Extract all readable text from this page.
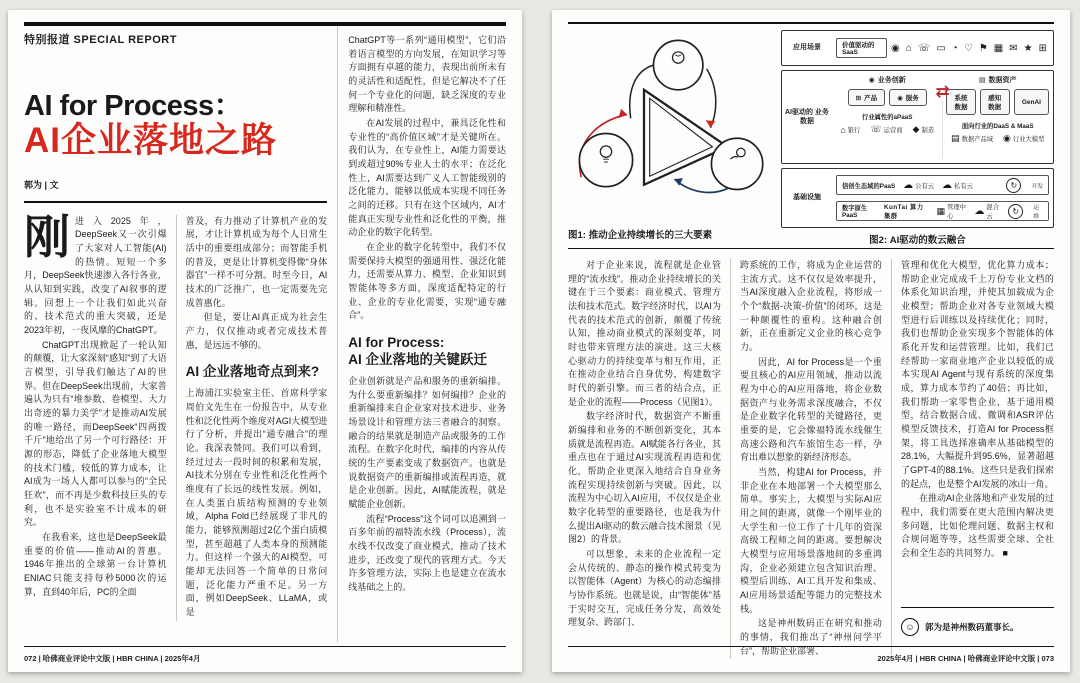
特别报道 SPECIAL REPORT
AI for Process：
AI企业落地之路
郭为 | 文

刚进入2025年，DeepSeek又一次引爆了大家对人工智能(AI)的热情。短短一个多月，DeepSeek快速渗入各行各业，从认知到实践，改变了AI叙事的逻辑。回想上一个让我们如此兴奋的、技术范式的重大突破，还是2023年初，一夜风靡的ChatGPT。

ChatGPT出现掀起了一轮认知的颠覆，让大家深刻“感知”到了大语言模型，引导我们触达了AI的世界。但在DeepSeek出现前，大家普遍认为只有“堆参数、卷模型、大力出奇迹的暴力美学”才是推动AI发展的唯一路径，而DeepSeek“四两拨千斤”地给出了另一个可行路径：开源的形态，降低了企业落地大模型的技术门槛，较低的算力成本，让AI成为一场人人都可以参与的“全民狂欢”，而不再是少数科技巨头的专利，也不是实验室不计成本的研究。

在我看来，这也是DeepSeek最重要的价值——推动AI的普惠。1946年推出的全球第一台计算机ENIAC只能支持每秒5000次的运算，直到40年后，PC的全面

普及，有力推动了计算机产业的发展，才让计算机成为每个人日常生活中的重要组成部分；而智能手机的普及，更是让计算机变得像“身体器官”一样不可分割。时至今日，AI技术的广泛推广，也一定需要先完成普惠化。

但是，要让AI真正成为社会生产力，仅仅推动或者完成技术普惠，是远远不够的。

AI 企业落地奇点到来?

上海浦江实验室主任、首席科学家周伯文先生在一份报告中，从专业性和泛化性两个维度对AGI大模型进行了分析，并提出“通专融合”的理论。我深表赞同。我们可以看到，经过过去一段时间的积累和发展，AI技术分别在专业性和泛化性两个维度有了长远的线性发展。例如，在人类蛋白质结构预测的专业领域，Alpha Fold已经展现了非凡的能力，能够预测超过2亿个蛋白质模型，甚至超越了人类本身的预测能力。但这样一个强大的AI模型，可能却无法回答一个简单的日常问题，泛化能力严重不足。另一方面，例如DeepSeek、LLaMA，或是

ChatGPT等一系列“通用模型”，它们沿着语言模型的方向发展，在知识学习等方面拥有卓越的能力，表现出前所未有的灵活性和适配性，但是它解决不了任何一个专业化的问题，缺乏深度的专业理解和精准性。

在AI发展的过程中，兼具泛化性和专业性的“高价值区域”才是关键所在。我们认为，在专业性上，AI能力需要达到或超过90%专业人士的水平；在泛化性上，AI需要达到广义人工智能级别的泛化能力，能够以低成本实现不同任务之间的迁移。只有在这个区域内，AI才能真正实现专业性和泛化性的平衡，推动企业的数字化转型。

在企业的数字化转型中，我们不仅需要保持大模型的强通用性、强泛化能力，还需要从算力、模型、企业知识到智能体等多方面，深度适配特定的行业、企业的专业化需要，实现“通专融合”。

AI for Process:
AI 企业落地的关键跃迁

企业创新就是产品和服务的重新编排。为什么要重新编排？如何编排？企业的重新编排来自企业家对技术进步、业务场景设计和管理方法三者融合的洞察。融合的结果就是制造产品或服务的工作流程。在数字化时代，编排的内容从传统的生产要素变成了数据资产。也就是说数据资产的重新编排或流程再造，就是企业创新。因此，AI赋能流程，就是赋能企业创新。

流程“Process”这个词可以追溯到一百多年前的福特流水线（Process），流水线不仅改变了商业模式，推动了技术进步，还改变了现代的管理方式。今天许多管理方法，实际上也是建立在流水线基础之上的。

072 | 哈佛商业评论中文版 | HBR CHINA | 2025年4月
图1: 推动企业持续增长的三大要素
应用场景	价值驱动的SaaS	◉ ⌂ ☏ ▭ ◔ ♡ ⚑ ▦ ✉ ★ ⊞
AI驱动的 业务数据
◉ 业务创新
⊞ 产品	◉ 服务
行业属性的aPaaS
⌂ 银行 ☏ 运营商 ◆ 制造
⇄
▤ 数据资产
系统数据
感知数据
GenAI
面向行业的DaaS & MaaS
▤ 数据产品域 ◉ 行业大模型
基础设施
信创生态域的PaaS ☁ 公有云 ☁ 私有云	↻	开发
数字原生PaaS
KunTai 算力集群
▦ 管理中心	☁ 混合云
↻	运维
图2: AI驱动的数云融合

对于企业来说，流程就是企业管理的“流水线”。推动企业持续增长的关键在于三个要素：商业模式、管理方法和技术范式。数字经济时代，以AI为代表的技术范式的创新，颠覆了传统认知，推动商业模式的深刻变革，同时也带来管理方法的演进。这三大核心驱动力的持续变革与相互作用，正在推动企业结合自身优势，构建数字时代的新引擎。而三者的结合点，正是企业的流程——Process（见图1）。

数字经济时代，数据资产不断重新编排和业务的不断创新变化，其本质就是流程再造。AI赋能各行各业，其重点也在于通过AI实现流程再造和优化，帮助企业更深入地结合自身业务流程实现持续创新与突破。因此，以流程为中心切入AI应用，不仅仅是企业数字化转型的重要路径，也是我为什么提出AI驱动的数云融合技术图景（见图2）的背景。

可以想象，未来的企业流程一定会从传统的、静态的操作模式转变为以智能体（Agent）为核心的动态编排与协作系统。也就是说，由“智能体”基于实时交互，完成任务分发，高效处理复杂、跨部门、

跨系统的工作，将成为企业运营的主流方式。这不仅仅是效率提升，当AI深度融入企业流程，将形成一个个“数据-决策-价值”的闭环，这是一种颠覆性的重构。这种融合创新，正在重新定义企业的核心竞争力。

因此，AI for Process是一个重要且核心的AI应用领域，推动以流程为中心的AI应用落地，将企业数据资产与业务需求深度融合，不仅是企业数字化转型的关键路径，更重要的是，它会像福特流水线催生高速公路和汽车旅馆生态一样，孕育出难以想象的新经济形态。

当然，构建AI for Process，并非企业在本地部署一个大模型那么简单。事实上，大模型与实际AI应用之间的距离，就像一个刚毕业的大学生和一位工作了十几年的资深高级工程师之间的距离。要想解决大模型与应用场景落地间的多重鸿沟，企业必须建立包含知识治理、模型后训练、AI工具开发和集成、AI应用场景适配等能力的完整技术栈。

这是神州数码正在研究和推动的事情，我们推出了“神州问学平台”，帮助企业部署、

管理和优化大模型，优化算力成本；帮助企业完成成千上万份专业文档的体系化知识治理，并使其加载成为企业模型；帮助企业对各专业领域大模型进行后训练以及持续优化；同时，我们也帮助企业实现多个智能体的体系化开发和运营管理。比如，我们已经帮助一家商业地产企业以较低的成本实现AI Agent与现有系统的深度集成，算力成本节约了40倍；再比如，我们帮助一家零售企业，基于通用模型，结合数据合成、微调和ASR评估模型反馈技术，打造AI for Process框架，将工具选择准确率从基础模型的28.1%，大幅提升到95.6%，显著超越了GPT-4的88.1%。这些只是我们探索的起点，也是整个AI发展的冰山一角。

在推动AI企业落地和产业发展的过程中，我们需要在更大范围内解决更多问题，比如伦理问题、数据主权和合规问题等等，这些需要全球、全社会和全生态的共同努力。 ■

☺	郭为是神州数码董事长。
2025年4月 | HBR CHINA | 哈佛商业评论中文版 | 073
